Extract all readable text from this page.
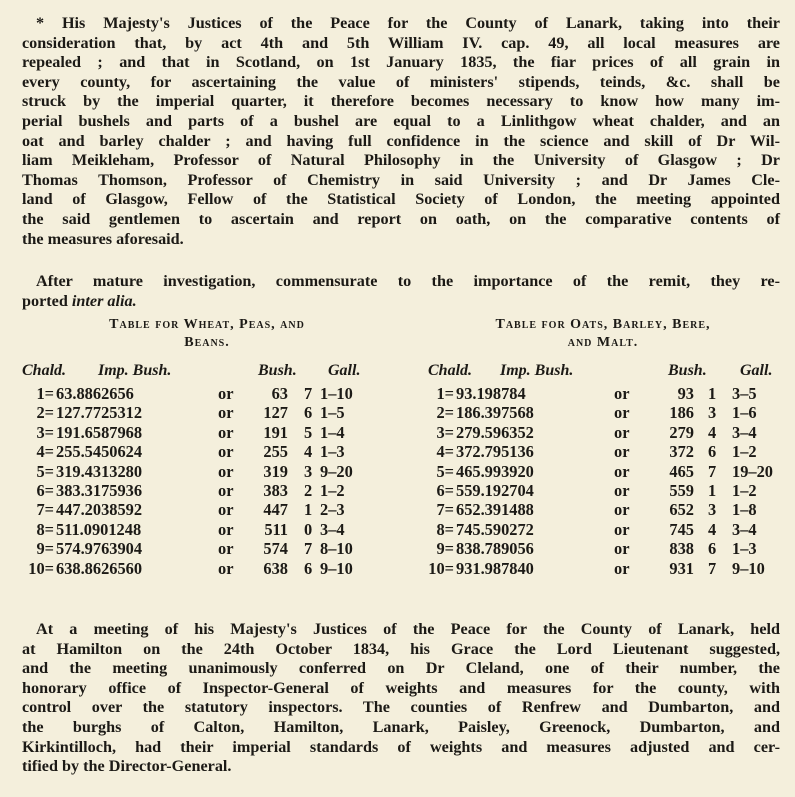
* His Majesty's Justices of the Peace for the County of Lanark, taking into their
consideration that, by act 4th and 5th William IV. cap. 49, all local measures are
repealed ; and that in Scotland, on 1st January 1835, the fiar prices of all grain in
every county, for ascertaining the value of ministers' stipends, teinds, &c. shall be
struck by the imperial quarter, it therefore becomes necessary to know how many im-
perial bushels and parts of a bushel are equal to a Linlithgow wheat chalder, and an
oat and barley chalder ; and having full confidence in the science and skill of Dr Wil-
liam Meikleham, Professor of Natural Philosophy in the University of Glasgow ; Dr
Thomas Thomson, Professor of Chemistry in said University ; and Dr James Cle-
land of Glasgow, Fellow of the Statistical Society of London, the meeting appointed
the said gentlemen to ascertain and report on oath, on the comparative contents of
the measures aforesaid.
After mature investigation, commensurate to the importance of the remit, they re-
ported inter alia.
Table for Wheat, Peas, and
Beans.
Chald. Imp. Bush.	Bush. Gall.
1= 63.8862656	or 63 7 1–10
2= 127.7725312	or 127 6 1–5
3= 191.6587968	or 191 5 1–4
4= 255.5450624	or 255 4 1–3
5= 319.4313280	or 319 3 9–20
6= 383.3175936	or 383 2 1–2
7= 447.2038592	or 447 1 2–3
8= 511.0901248	or 511 0 3–4
9= 574.9763904	or 574 7 8–10
10= 638.8626560	or 638 6 9–10
Table for Oats, Barley, Bere,
and Malt.
Chald. Imp. Bush.	Bush. Gall.
1= 93.198784	or	93 1 3–5
2= 186.397568	or 186 3 1–6
3= 279.596352	or 279 4 3–4
4= 372.795136	or 372 6 1–2
5= 465.993920	or 465 7 19–20
6= 559.192704	or 559 1 1–2
7= 652.391488	or 652 3 1–8
8= 745.590272	or 745 4 3–4
9= 838.789056	or 838 6 1–3
10= 931.987840	or 931 7 9–10
At a meeting of his Majesty's Justices of the Peace for the County of Lanark, held
at Hamilton on the 24th October 1834, his Grace the Lord Lieutenant suggested,
and the meeting unanimously conferred on Dr Cleland, one of their number, the
honorary office of Inspector-General of weights and measures for the county, with
control over the statutory inspectors. The counties of Renfrew and Dumbarton, and
the burghs of Calton, Hamilton, Lanark, Paisley, Greenock, Dumbarton, and
Kirkintilloch, had their imperial standards of weights and measures adjusted and cer-
tified by the Director-General.
